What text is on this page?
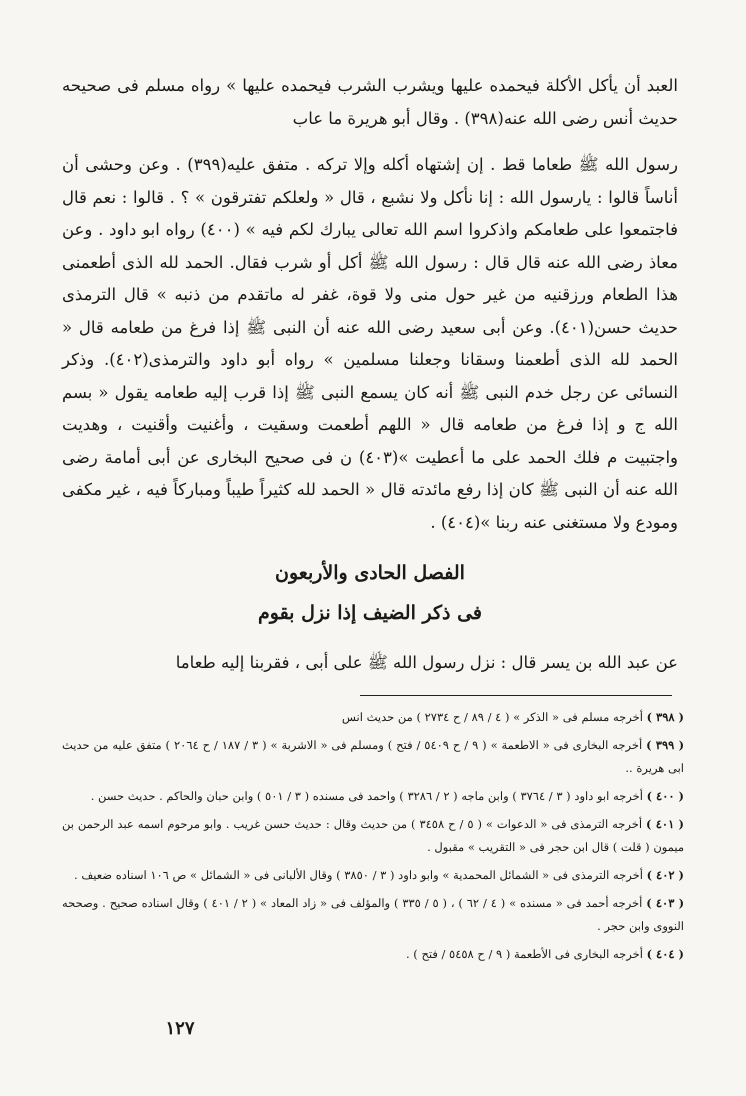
العبد أن يأكل الأكلة فيحمده عليها ويشرب الشرب فيحمده عليها » رواه مسلم فى صحيحه حديث أنس رضى الله عنه(٣٩٨) . وقال أبو هريرة ما عاب

رسول الله ﷺ طعاما قط . إن إشتهاه أكله وإلا تركه . متفق عليه(٣٩٩) . وعن وحشى أن أناساً قالوا : يارسول الله : إنا نأكل ولا نشبع ، قال « ولعلكم تفترقون » ؟ . قالوا : نعم قال فاجتمعوا على طعامكم واذكروا اسم الله تعالى يبارك لكم فيه » (٤٠٠) رواه ابو داود . وعن معاذ رضى الله عنه قال قال : رسول الله ﷺ أكل أو شرب فقال. الحمد لله الذى أطعمنى هذا الطعام ورزقنيه من غير حول منى ولا قوة، غفر له ماتقدم من ذنبه » قال الترمذى حديث حسن(٤٠١). وعن أبى سعيد رضى الله عنه أن النبى ﷺ إذا فرغ من طعامه قال « الحمد لله الذى أطعمنا وسقانا وجعلنا مسلمين » رواه أبو داود والترمذى(٤٠٢). وذكر النسائى عن رجل خدم النبى ﷺ أنه كان يسمع النبى ﷺ إذا قرب إليه طعامه يقول « بسم الله ج و إذا فرغ من طعامه قال « اللهم أطعمت وسقيت ، وأغنيت وأقنيت ، وهديت واجتبيت م فلك الحمد على ما أعطيت »(٤٠٣) ن فى صحيح البخارى عن أبى أمامة رضى الله عنه أن النبى ﷺ كان إذا رفع مائدته قال « الحمد لله كثيراً طيباً ومباركاً فيه ، غير مكفى ومودع ولا مستغنى عنه ربنا »(٤٠٤) .

الفصل الحادى والأربعون
فى ذكر الضيف إذا نزل بقوم
عن عبد الله بن يسر قال : نزل رسول الله ﷺ على أبى ، فقربنا إليه طعاما

( ٣٩٨ ) أخرجه مسلم فى « الذكر » ( ٤ / ٨٩ / ح ٢٧٣٤ ) من حديث انس

( ٣٩٩ ) أخرجه البخارى فى « الاطعمة » ( ٩ / ح ٥٤٠٩ / فتح ) ومسلم فى « الاشربة » ( ٣ / ١٨٧ / ح ٢٠٦٤ ) متفق عليه من حديث ابى هريرة ..

( ٤٠٠ ) أخرجه ابو داود ( ٣ / ٣٧٦٤ ) وابن ماجه ( ٢ / ٣٢٨٦ ) واحمد فى مسنده ( ٣ / ٥٠١ ) وابن حبان والحاكم . حديث حسن .

( ٤٠١ ) أخرجه الترمذى فى « الدعوات » ( ٥ / ح ٣٤٥٨ ) من حديث وقال : حديث حسن غريب . وابو مرحوم اسمه عبد الرحمن بن ميمون ( قلت ) قال ابن حجر فى « التقريب » مقبول .

( ٤٠٢ ) أخرجه الترمذى فى « الشمائل المحمدية » وابو داود ( ٣ / ٣٨٥٠ ) وقال الألبانى فى « الشمائل » ص ١٠٦ اسناده ضعيف .

( ٤٠٣ ) أخرجه أحمد فى « مسنده » ( ٤ / ٦٢ ) ، ( ٥ / ٣٣٥ ) والمؤلف فى « زاد المعاد » ( ٢ / ٤٠١ ) وقال اسناده صحيح . وصححه النووى وابن حجر .

( ٤٠٤ ) أخرجه البخارى فى الأطعمة ( ٩ / ح ٥٤٥٨ / فتح ) .

١٢٧
